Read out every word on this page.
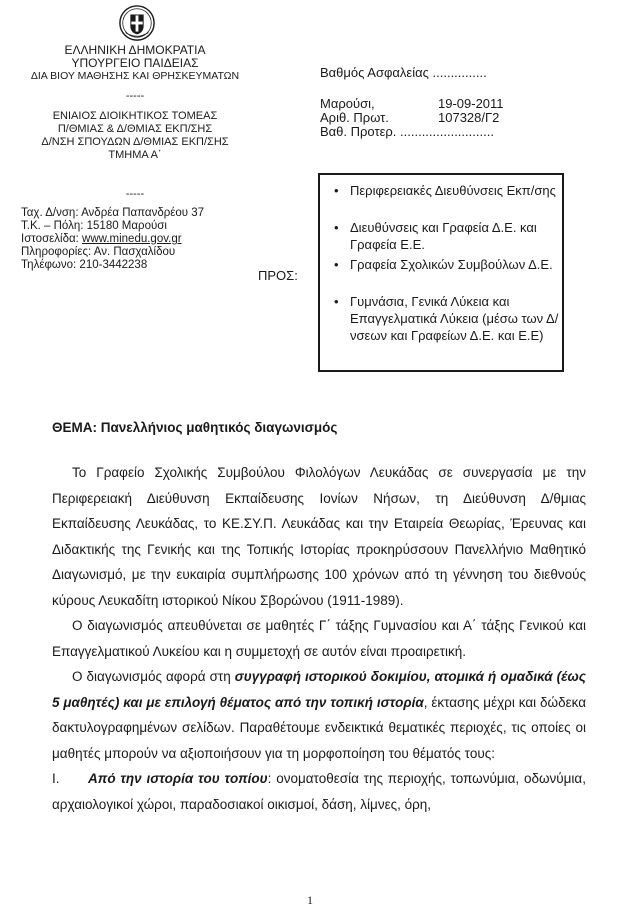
ΕΛΛΗΝΙΚΗ ΔΗΜΟΚΡΑΤΙΑ
ΥΠΟΥΡΓΕΙΟ ΠΑΙΔΕΙΑΣ
ΔΙΑ ΒΙΟΥ ΜΑΘΗΣΗΣ ΚΑΙ ΘΡΗΣΚΕΥΜΑΤΩΝ
-----
ΕΝΙΑΙΟΣ ΔΙΟΙΚΗΤΙΚΟΣ ΤΟΜΕΑΣ
Π/ΘΜΙΑΣ & Δ/ΘΜΙΑΣ ΕΚΠ/ΣΗΣ
Δ/ΝΣΗ ΣΠΟΥΔΩΝ Δ/ΘΜΙΑΣ ΕΚΠ/ΣΗΣ
ΤΜΗΜΑ Α΄
-----
Ταχ. Δ/νση: Ανδρέα Παπανδρέου 37
Τ.Κ. – Πόλη: 15180 Μαρούσι
Ιστοσελίδα: www.minedu.gov.gr
Πληροφορίες: Αν. Πασχαλίδου
Τηλέφωνο: 210-3442238
Βαθμός Ασφαλείας ...............
Μαρούσι,	19-09-2011
Αριθ. Πρωτ.	107328/Γ2
Βαθ. Προτερ. ..........................
ΠΡΟΣ:
• Περιφερειακές Διευθύνσεις Εκπ/σης
• Διευθύνσεις και Γραφεία Δ.Ε. και Γραφεία Ε.Ε.
• Γραφεία Σχολικών Συμβούλων Δ.Ε.
• Γυμνάσια, Γενικά Λύκεια και Επαγγελματικά Λύκεια (μέσω των Δ/νσεων και Γραφείων Δ.Ε. και Ε.Ε)
ΘΕΜΑ: Πανελλήνιος μαθητικός διαγωνισμός

Το Γραφείο Σχολικής Συμβούλου Φιλολόγων Λευκάδας σε συνεργασία με την Περιφερειακή Διεύθυνση Εκπαίδευσης Ιονίων Νήσων, τη Διεύθυνση Δ/θμιας Εκπαίδευσης Λευκάδας, το ΚΕ.ΣΥ.Π. Λευκάδας και την Εταιρεία Θεωρίας, Έρευνας και Διδακτικής της Γενικής και της Τοπικής Ιστορίας προκηρύσσουν Πανελλήνιο Μαθητικό Διαγωνισμό, με την ευκαιρία συμπλήρωσης 100 χρόνων από τη γέννηση του διεθνούς κύρους Λευκαδίτη ιστορικού Νίκου Σβορώνου (1911-1989).

Ο διαγωνισμός απευθύνεται σε μαθητές Γ΄ τάξης Γυμνασίου και Α΄ τάξης Γενικού και Επαγγελματικού Λυκείου και η συμμετοχή σε αυτόν είναι προαιρετική.

Ο διαγωνισμός αφορά στη συγγραφή ιστορικού δοκιμίου, ατομικά ή ομαδικά (έως 5 μαθητές) και με επιλογή θέματος από την τοπική ιστορία, έκτασης μέχρι και δώδεκα δακτυλογραφημένων σελίδων. Παραθέτουμε ενδεικτικά θεματικές περιοχές, τις οποίες οι μαθητές μπορούν να αξιοποιήσουν για τη μορφοποίηση του θέματός τους:

I. Από την ιστορία του τοπίου: ονοματοθεσία της περιοχής, τοπωνύμια, οδωνύμια, αρχαιολογικοί χώροι, παραδοσιακοί οικισμοί, δάση, λίμνες, όρη,

1
